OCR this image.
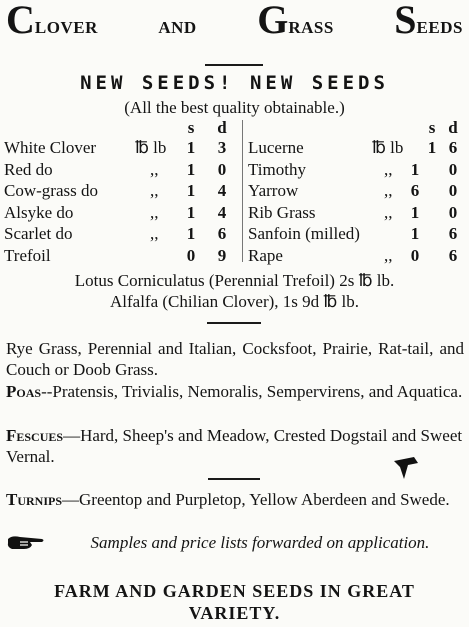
CLOVER	AND GRASS SEEDS
NEW SEEDS! NEW SEEDS
(All the best quality obtainable.)
s d
White Clover ℔ lb 1 3
Red do	,, 1 0
Cow-grass do	,, 1 4
Alsyke do	,, 1 4
Scarlet do	,, 1 6
Trefoil	0 9
s d
Lucerne	℔ lb 1 6
Timothy	,, 1 0
Yarrow	,, 6 0
Rib Grass	,, 1 0
Sanfoin (milled)	1 6
Rape	,, 0 6
Lotus Corniculatus (Perennial Trefoil) 2s ℔ lb.
Alfalfa (Chilian Clover), 1s 9d ℔ lb.
Rye Grass, Perennial and Italian, Cocksfoot, Prairie, Rat-tail, and Couch or Doob Grass.
Poas--Pratensis, Trivialis, Nemoralis, Sempervirens, and Aquatica.
Fescues—Hard, Sheep's and Meadow, Crested Dogstail and Sweet Vernal.
Turnips—Greentop and Purpletop, Yellow Aberdeen and Swede.
Samples and price lists forwarded on application.
FARM AND GARDEN SEEDS IN GREAT
VARIETY.
